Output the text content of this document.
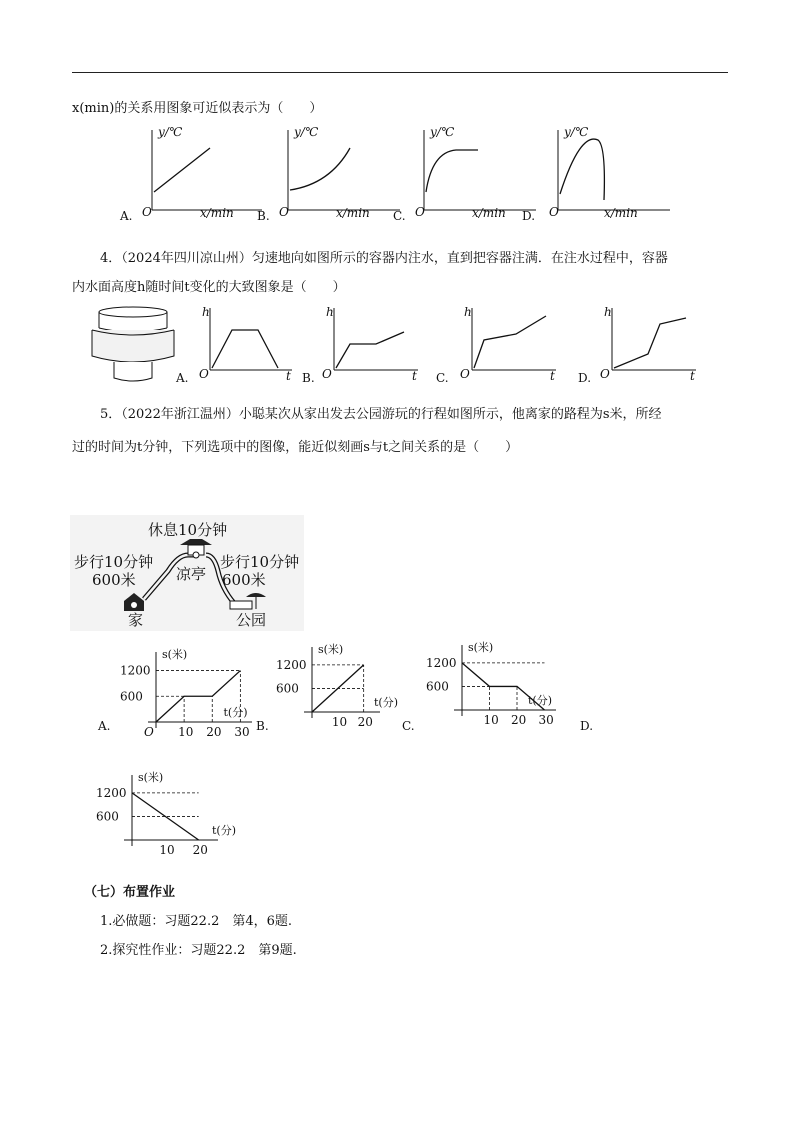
x(min)的关系用图象可近似表示为（　　）
y/℃
O	x/min
y/℃
O	x/min
y/℃
O	x/min
y/℃
O	x/min
A.	B.	C.	D.
4．（2024年四川凉山州）匀速地向如图所示的容器内注水，直到把容器注满．在注水过程中，容器
内水面高度h随时间t变化的大致图象是（　　）
h
O	t
h
O	t
h
O	t
h
O	t
A.	B.	C.	D.
5．（2022年浙江温州）小聪某次从家出发去公园游玩的行程如图所示，他离家的路程为s米，所经
过的时间为t分钟，下列选项中的图像，能近似刻画s与t之间关系的是（　　）
休息10分钟
步行10分钟
600米	凉亭
步行10分钟
600米
家	公园
A.	B.	C.	D.
s(米)
t(分)
1200
600
10 20 30
O
s(米)
t(分)
1200
600
10 20
s(米)
t(分)
1200
600
10 20 30
s(米)
t(分)
1200
600
10 20
（七）布置作业
1.必做题：习题22.2　第4，6题.
2.探究性作业：习题22.2　第9题.
